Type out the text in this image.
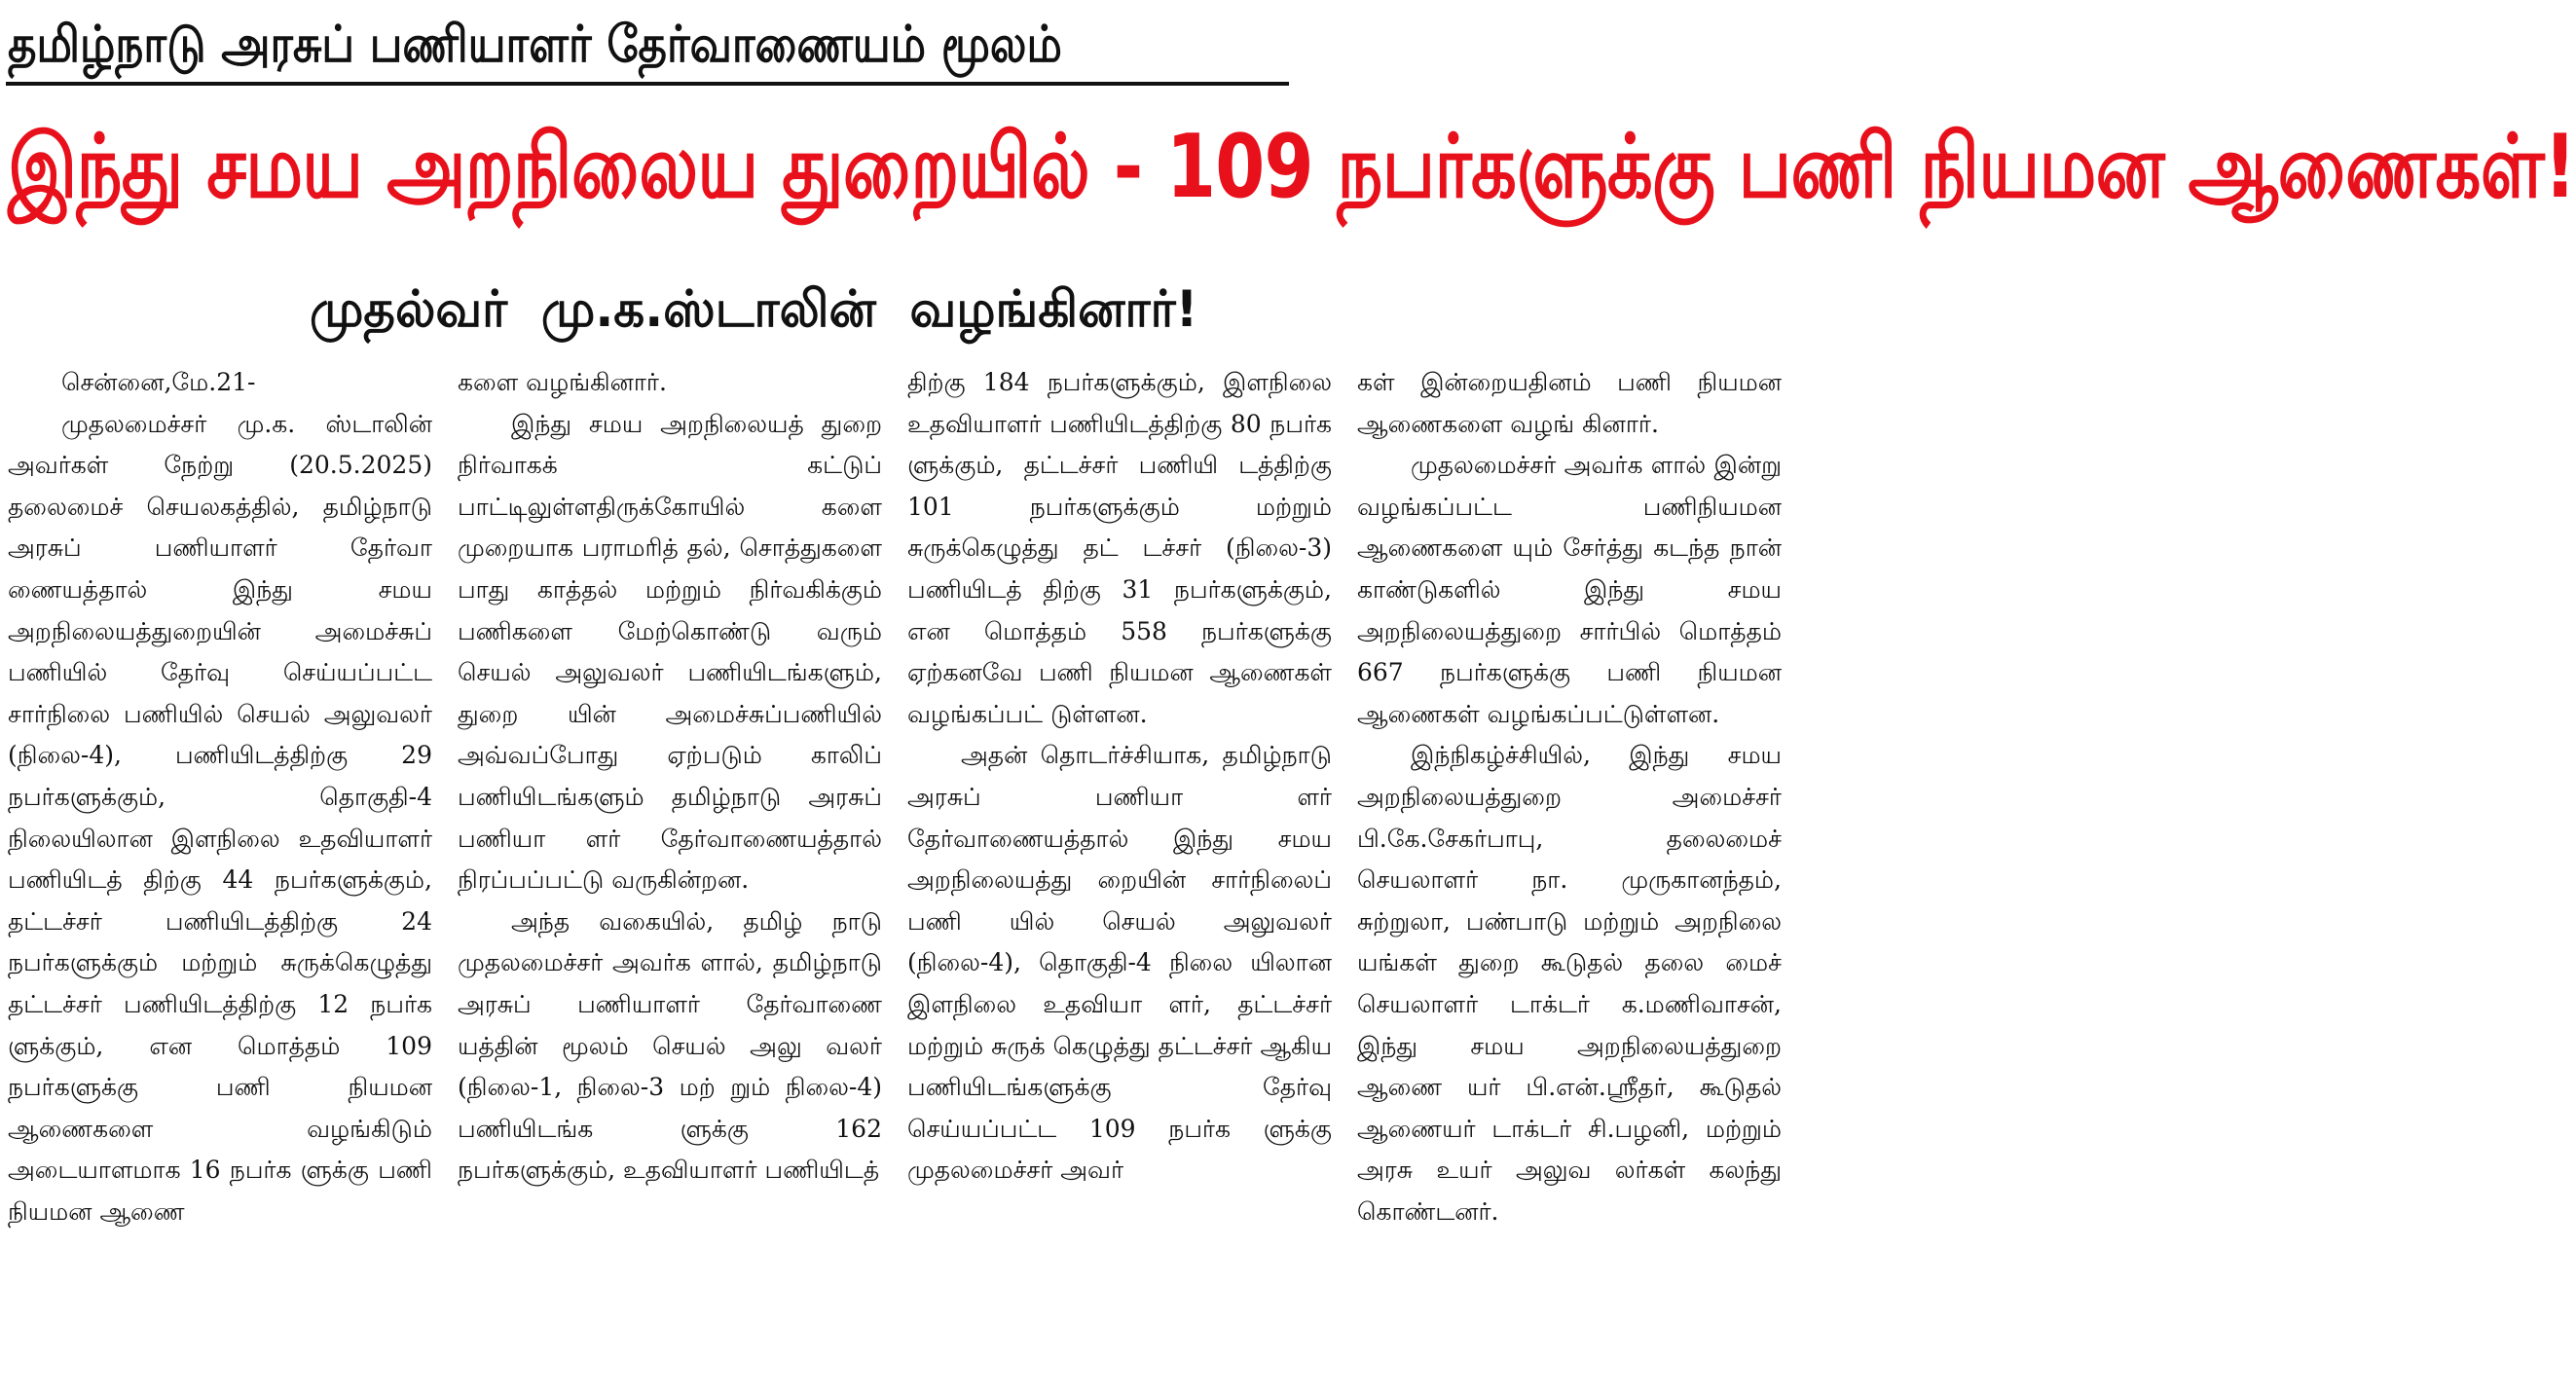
தமிழ்நாடு அரசுப் பணியாளர் தேர்வாணையம் மூலம்
இந்து சமய அறநிலைய துறையில் - 109 நபர்களுக்கு பணி நியமன ஆணைகள்!
முதல்வர் மு.க.ஸ்டாலின் வழங்கினார்!

சென்னை,மே.21-

முதலமைச்சர் மு.க. ஸ்டாலின் அவர்கள் நேற்று (20.5.2025) தலைமைச் செயலகத்தில், தமிழ்நாடு அரசுப் பணியாளர் தேர்வா ணையத்தால் இந்து சமய அறநிலையத்துறையின் அமைச்சுப் பணியில் தேர்வு செய்யப்பட்ட சார்நிலை பணியில் செயல் அலுவலர் (நிலை-4), பணியிடத்திற்கு 29 நபர்களுக்கும், தொகுதி-4 நிலையிலான இளநிலை உதவியாளர் பணியிடத் திற்கு 44 நபர்களுக்கும், தட்டச்சர் பணியிடத்திற்கு 24 நபர்களுக்கும் மற்றும் சுருக்கெழுத்து தட்டச்சர் பணியிடத்திற்கு 12 நபர்க ளுக்கும், என மொத்தம் 109 நபர்களுக்கு பணி நியமன ஆணைகளை வழங்கிடும் அடையாளமாக 16 நபர்க ளுக்கு பணி நியமன ஆணை

களை வழங்கினார்.

இந்து சமய அறநிலையத் துறை நிர்வாகக் கட்டுப் பாட்டிலுள்ளதிருக்கோயில் களை முறையாக பராமரித் தல், சொத்துகளை பாது காத்தல் மற்றும் நிர்வகிக்கும் பணிகளை மேற்கொண்டு வரும் செயல் அலுவலர் பணியிடங்களும், துறை யின் அமைச்சுப்பணியில் அவ்வப்போது ஏற்படும் காலிப் பணியிடங்களும் தமிழ்நாடு அரசுப் பணியா ளர் தேர்வாணையத்தால் நிரப்பப்பட்டு வருகின்றன.

அந்த வகையில், தமிழ் நாடு முதலமைச்சர் அவர்க ளால், தமிழ்நாடு அரசுப் பணியாளர் தேர்வாணை யத்தின் மூலம் செயல் அலு வலர் (நிலை-1, நிலை-3 மற் றும் நிலை-4) பணியிடங்க ளுக்கு 162 நபர்களுக்கும், உதவியாளர் பணியிடத்

திற்கு 184 நபர்களுக்கும், இளநிலை உதவியாளர் பணியிடத்திற்கு 80 நபர்க ளுக்கும், தட்டச்சர் பணியி டத்திற்கு 101 நபர்களுக்கும் மற்றும் சுருக்கெழுத்து தட் டச்சர் (நிலை-3) பணியிடத் திற்கு 31 நபர்களுக்கும், என மொத்தம் 558 நபர்களுக்கு ஏற்கனவே பணி நியமன ஆணைகள் வழங்கப்பட் டுள்ளன.

அதன் தொடர்ச்சியாக, தமிழ்நாடு அரசுப் பணியா ளர் தேர்வாணையத்தால் இந்து சமய அறநிலையத்து றையின் சார்நிலைப் பணி யில் செயல் அலுவலர் (நிலை-4), தொகுதி-4 நிலை யிலான இளநிலை உதவியா ளர், தட்டச்சர் மற்றும் சுருக் கெழுத்து தட்டச்சர் ஆகிய பணியிடங்களுக்கு தேர்வு செய்யப்பட்ட 109 நபர்க ளுக்கு முதலமைச்சர் அவர்

கள் இன்றையதினம் பணி நியமன ஆணைகளை வழங் கினார்.

முதலமைச்சர் அவர்க ளால் இன்று வழங்கப்பட்ட பணிநியமன ஆணைகளை யும் சேர்த்து கடந்த நான் காண்டுகளில் இந்து சமய அறநிலையத்துறை சார்பில் மொத்தம் 667 நபர்களுக்கு பணி நியமன ஆணைகள் வழங்கப்பட்டுள்ளன.

இந்நிகழ்ச்சியில், இந்து சமய அறநிலையத்துறை அமைச்சர் பி.கே.சேகர்பாபு, தலைமைச் செயலாளர் நா. முருகானந்தம், சுற்றுலா, பண்பாடு மற்றும் அறநிலை யங்கள் துறை கூடுதல் தலை மைச் செயலாளர் டாக்டர் க.மணிவாசன், இந்து சமய அறநிலையத்துறை ஆணை யர் பி.என்.ஸ்ரீதர், கூடுதல் ஆணையர் டாக்டர் சி.பழனி, மற்றும் அரசு உயர் அலுவ லர்கள் கலந்து கொண்டனர்.
